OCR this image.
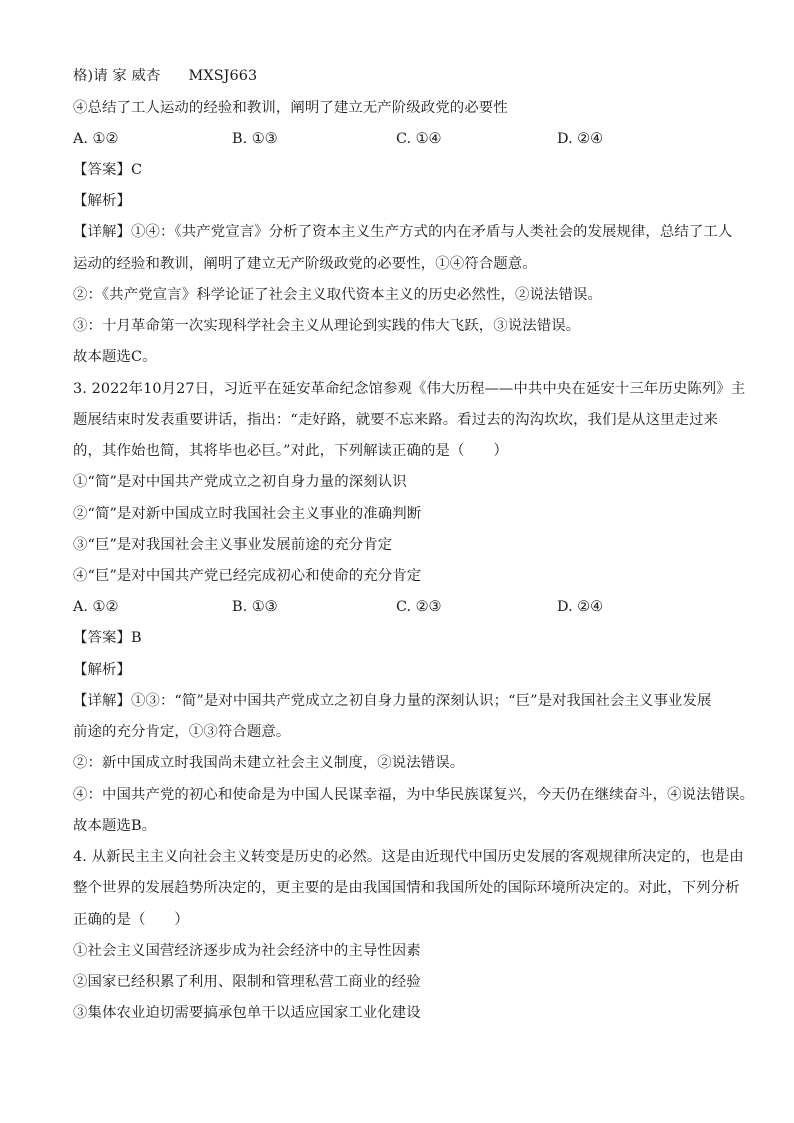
格)请 家 威杏 MXSJ663
④总结了工人运动的经验和教训，阐明了建立无产阶级政党的必要性
A. ①②	B. ①③	C. ①④	D. ②④
【答案】C
【解析】
【详解】①④：《共产党宣言》分析了资本主义生产方式的内在矛盾与人类社会的发展规律，总结了工人
运动的经验和教训，阐明了建立无产阶级政党的必要性，①④符合题意。
②：《共产党宣言》科学论证了社会主义取代资本主义的历史必然性，②说法错误。
③：十月革命第一次实现科学社会主义从理论到实践的伟大飞跃，③说法错误。
故本题选C。
3. 2022年10月27日，习近平在延安革命纪念馆参观《伟大历程——中共中央在延安十三年历史陈列》主
题展结束时发表重要讲话，指出：“走好路，就要不忘来路。看过去的沟沟坎坎，我们是从这里走过来
的，其作始也简，其将毕也必巨。”对此，下列解读正确的是（　　）
①“简”是对中国共产党成立之初自身力量的深刻认识
②“简”是对新中国成立时我国社会主义事业的准确判断
③“巨”是对我国社会主义事业发展前途的充分肯定
④“巨”是对中国共产党已经完成初心和使命的充分肯定
A. ①②	B. ①③	C. ②③	D. ②④
【答案】B
【解析】
【详解】①③：“简”是对中国共产党成立之初自身力量的深刻认识；“巨”是对我国社会主义事业发展
前途的充分肯定，①③符合题意。
②：新中国成立时我国尚未建立社会主义制度，②说法错误。
④：中国共产党的初心和使命是为中国人民谋幸福，为中华民族谋复兴，今天仍在继续奋斗，④说法错误。
故本题选B。
4. 从新民主主义向社会主义转变是历史的必然。这是由近现代中国历史发展的客观规律所决定的，也是由
整个世界的发展趋势所决定的，更主要的是由我国国情和我国所处的国际环境所决定的。对此，下列分析
正确的是（　　）
①社会主义国营经济逐步成为社会经济中的主导性因素
②国家已经积累了利用、限制和管理私营工商业的经验
③集体农业迫切需要搞承包单干以适应国家工业化建设
